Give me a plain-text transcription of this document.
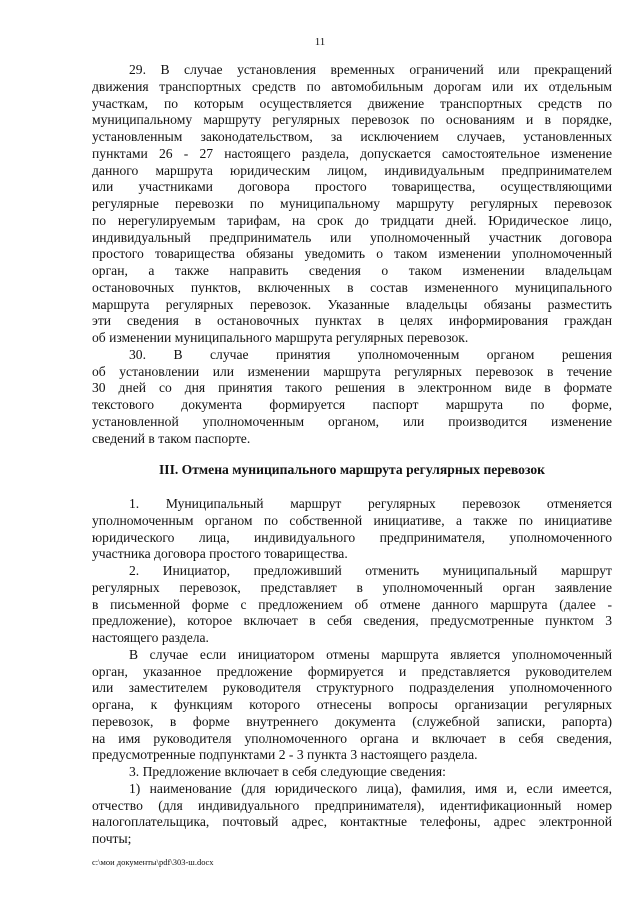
11
29. В случае установления временных ограничений или прекращений
движения транспортных средств по автомобильным дорогам или их отдельным
участкам, по которым осуществляется движение транспортных средств по
муниципальному маршруту регулярных перевозок по основаниям и в порядке,
установленным законодательством, за исключением случаев, установленных
пунктами 26 - 27 настоящего раздела, допускается самостоятельное изменение
данного маршрута юридическим лицом, индивидуальным предпринимателем
или участниками договора простого товарищества, осуществляющими
регулярные перевозки по муниципальному маршруту регулярных перевозок
по нерегулируемым тарифам, на срок до тридцати дней. Юридическое лицо,
индивидуальный предприниматель или уполномоченный участник договора
простого товарищества обязаны уведомить о таком изменении уполномоченный
орган, а также направить сведения о таком изменении владельцам
остановочных пунктов, включенных в состав измененного муниципального
маршрута регулярных перевозок. Указанные владельцы обязаны разместить
эти сведения в остановочных пунктах в целях информирования граждан
об изменении муниципального маршрута регулярных перевозок.
30. В случае принятия уполномоченным органом решения
об установлении или изменении маршрута регулярных перевозок в течение
30 дней со дня принятия такого решения в электронном виде в формате
текстового документа формируется паспорт маршрута по форме,
установленной уполномоченным органом, или производится изменение
сведений в таком паспорте.
III. Отмена муниципального маршрута регулярных перевозок
1. Муниципальный маршрут регулярных перевозок отменяется
уполномоченным органом по собственной инициативе, а также по инициативе
юридического лица, индивидуального предпринимателя, уполномоченного
участника договора простого товарищества.
2. Инициатор, предложивший отменить муниципальный маршрут
регулярных перевозок, представляет в уполномоченный орган заявление
в письменной форме с предложением об отмене данного маршрута (далее -
предложение), которое включает в себя сведения, предусмотренные пунктом 3
настоящего раздела.
В случае если инициатором отмены маршрута является уполномоченный
орган, указанное предложение формируется и представляется руководителем
или заместителем руководителя структурного подразделения уполномоченного
органа, к функциям которого отнесены вопросы организации регулярных
перевозок, в форме внутреннего документа (служебной записки, рапорта)
на имя руководителя уполномоченного органа и включает в себя сведения,
предусмотренные подпунктами 2 - 3 пункта 3 настоящего раздела.
3. Предложение включает в себя следующие сведения:
1) наименование (для юридического лица), фамилия, имя и, если имеется,
отчество (для индивидуального предпринимателя), идентификационный номер
налогоплательщика, почтовый адрес, контактные телефоны, адрес электронной
почты;
c:\мои документы\pdf\303-ш.docx
